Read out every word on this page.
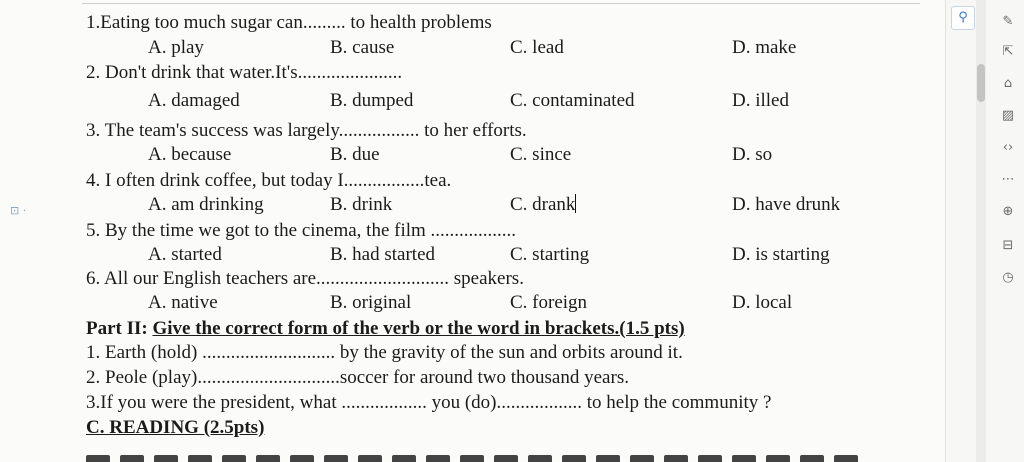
⊡ ·
1.Eating too much sugar can......... to health problems
A. play	B. cause	C. lead	D. make
2. Don't drink that water.It's......................
A. damaged	B. dumped	C. contaminated	D. illed
3. The team's success was largely................. to her efforts.
A. because	B. due	C. since	D. so
4. I often drink coffee, but today I.................tea.
A. am drinking	B. drink	C. drank	D. have drunk
5. By the time we got to the cinema, the film ..................
A. started	B. had started	C. starting	D. is starting
6. All our English teachers are............................ speakers.
A. native	B. original	C. foreign	D. local
Part II: Give the correct form of the verb or the word in brackets.(1.5 pts)
1. Earth (hold) ............................ by the gravity of the sun and orbits around it.
2. Peole (play)..............................soccer for around two thousand years.
3.If you were the president, what .................. you (do).................. to help the community ?
C. READING (2.5pts)
⚲	✎
⇱
⌂
▨
‹›
⋯
⊕
⊟
◷
